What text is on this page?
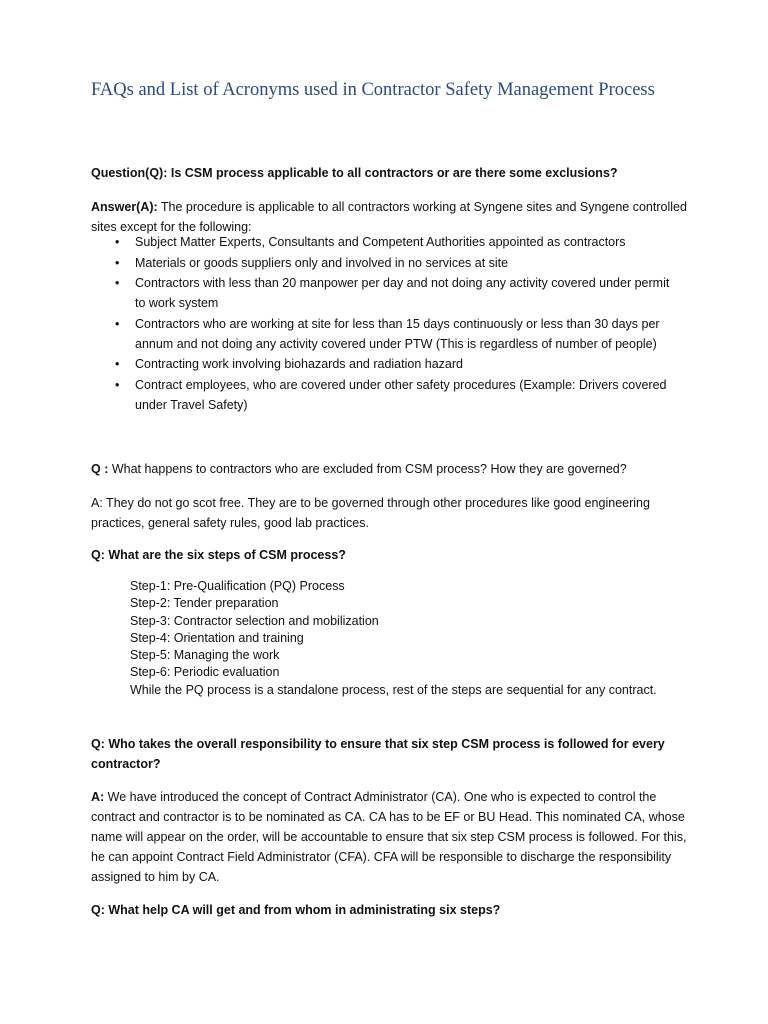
FAQs and List of Acronyms used in Contractor Safety Management Process

Question(Q): Is CSM process applicable to all contractors or are there some exclusions?

Answer(A): The procedure is applicable to all contractors working at Syngene sites and Syngene controlled sites except for the following:

• Subject Matter Experts, Consultants and Competent Authorities appointed as contractors
• Materials or goods suppliers only and involved in no services at site
• Contractors with less than 20 manpower per day and not doing any activity covered under permit to work system
• Contractors who are working at site for less than 15 days continuously or less than 30 days per annum and not doing any activity covered under PTW (This is regardless of number of people)
• Contracting work involving biohazards and radiation hazard
• Contract employees, who are covered under other safety procedures (Example: Drivers covered under Travel Safety)

Q : What happens to contractors who are excluded from CSM process? How they are governed?

A: They do not go scot free. They are to be governed through other procedures like good engineering practices, general safety rules, good lab practices.

Q: What are the six steps of CSM process?

Step-1: Pre-Qualification (PQ) Process
Step-2: Tender preparation
Step-3: Contractor selection and mobilization
Step-4: Orientation and training
Step-5: Managing the work
Step-6: Periodic evaluation
While the PQ process is a standalone process, rest of the steps are sequential for any contract.

Q: Who takes the overall responsibility to ensure that six step CSM process is followed for every contractor?

A: We have introduced the concept of Contract Administrator (CA). One who is expected to control the contract and contractor is to be nominated as CA. CA has to be EF or BU Head. This nominated CA, whose name will appear on the order, will be accountable to ensure that six step CSM process is followed. For this, he can appoint Contract Field Administrator (CFA). CFA will be responsible to discharge the responsibility assigned to him by CA.

Q: What help CA will get and from whom in administrating six steps?
